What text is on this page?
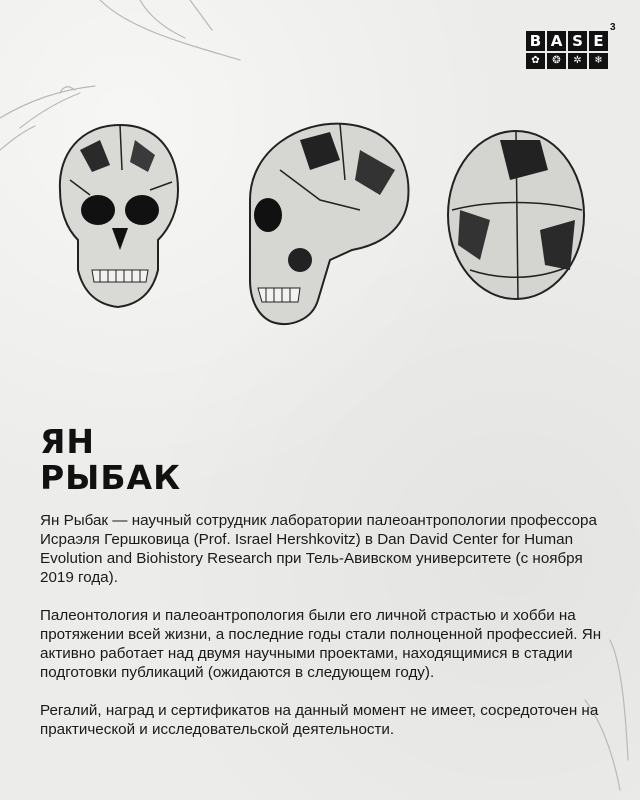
B A S E
✿	❂	✲	❄
3
ЯН
РЫБАК

Ян Рыбак — научный сотрудник лаборатории палеоантропологии профессора Исраэля Гершковица (Prof. Israel Hershkovitz) в Dan David Center for Human Evolution and Biohistory Research при Тель-Авивском университете (с ноября 2019 года).

Палеонтология и палеоантропология были его личной страстью и хобби на протяжении всей жизни, а последние годы стали полноценной профессией. Ян активно работает над двумя научными проектами, находящимися в стадии подготовки публикаций (ожидаются в следующем году).

Регалий, наград и сертификатов на данный момент не имеет, сосредоточен на практической и исследовательской деятельности.
